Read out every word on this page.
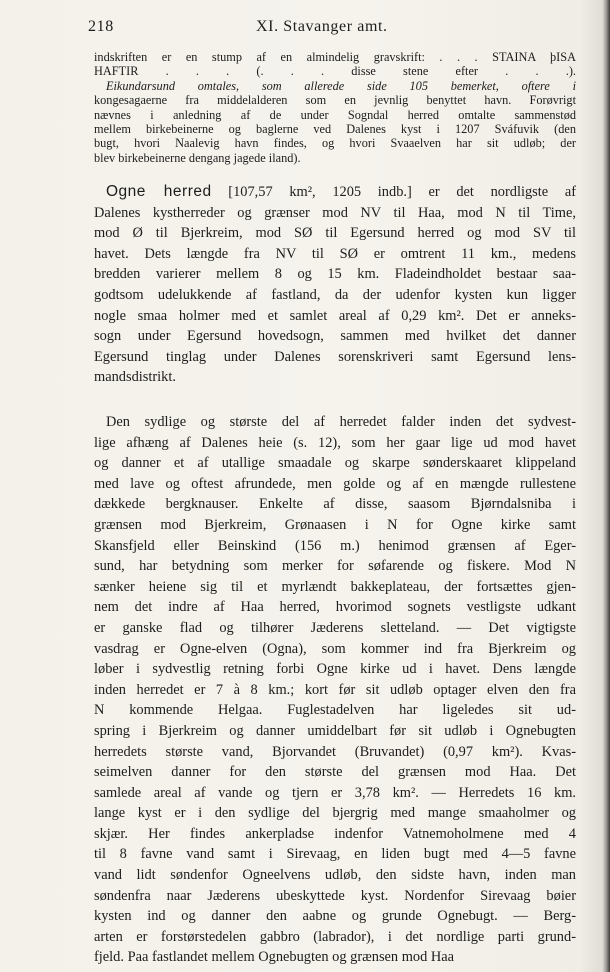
218	XI. Stavanger amt.
indskriften er en stump af en almindelig gravskrift: . . . STAINA þISA
HAFTIR . . . (. . . disse stene efter . . .).
Eikundarsund omtales, som allerede side 105 bemerket, oftere i
kongesagaerne fra middelalderen som en jevnlig benyttet havn. Forøvrigt
nævnes i anledning af de under Sogndal herred omtalte sammenstød
mellem birkebeinerne og baglerne ved Dalenes kyst i 1207 Sváfuvik (den
bugt, hvori Naalevig havn findes, og hvori Svaaelven har sit udløb; der
blev birkebeinerne dengang jagede iland).
Ogne herred [107,57 km², 1205 indb.] er det nordligste af
Dalenes kystherreder og grænser mod NV til Haa, mod N til Time,
mod Ø til Bjerkreim, mod SØ til Egersund herred og mod SV til
havet. Dets længde fra NV til SØ er omtrent 11 km., medens
bredden varierer mellem 8 og 15 km. Fladeindholdet bestaar saa-
godtsom udelukkende af fastland, da der udenfor kysten kun ligger
nogle smaa holmer med et samlet areal af 0,29 km². Det er anneks-
sogn under Egersund hovedsogn, sammen med hvilket det danner
Egersund tinglag under Dalenes sorenskriveri samt Egersund lens-
mandsdistrikt.
Den sydlige og største del af herredet falder inden det sydvest-
lige afhæng af Dalenes heie (s. 12), som her gaar lige ud mod havet
og danner et af utallige smaadale og skarpe sønderskaaret klippeland
med lave og oftest afrundede, men golde og af en mængde rullestene
dækkede bergknauser. Enkelte af disse, saasom Bjørndalsniba i
grænsen mod Bjerkreim, Grønaasen i N for Ogne kirke samt
Skansfjeld eller Beinskind (156 m.) henimod grænsen af Eger-
sund, har betydning som merker for søfarende og fiskere. Mod N
sænker heiene sig til et myrlændt bakkeplateau, der fortsættes gjen-
nem det indre af Haa herred, hvorimod sognets vestligste udkant
er ganske flad og tilhører Jæderens sletteland. — Det vigtigste
vasdrag er Ogne-elven (Ogna), som kommer ind fra Bjerkreim og
løber i sydvestlig retning forbi Ogne kirke ud i havet. Dens længde
inden herredet er 7 à 8 km.; kort før sit udløb optager elven den fra
N kommende Helgaa. Fuglestadelven har ligeledes sit ud-
spring i Bjerkreim og danner umiddelbart før sit udløb i Ognebugten
herredets største vand, Bjorvandet (Bruvandet) (0,97 km²). Kvas-
seimelven danner for den største del grænsen mod Haa. Det
samlede areal af vande og tjern er 3,78 km². — Herredets 16 km.
lange kyst er i den sydlige del bjergrig med mange smaaholmer og
skjær. Her findes ankerpladse indenfor Vatnemoholmene med 4
til 8 favne vand samt i Sirevaag, en liden bugt med 4—5 favne
vand lidt søndenfor Ogneelvens udløb, den sidste havn, inden man
søndenfra naar Jæderens ubeskyttede kyst. Nordenfor Sirevaag bøier
kysten ind og danner den aabne og grunde Ognebugt. — Berg-
arten er forstørstedelen gabbro (labrador), i det nordlige parti grund-
fjeld. Paa fastlandet mellem Ognebugten og grænsen mod Haa
